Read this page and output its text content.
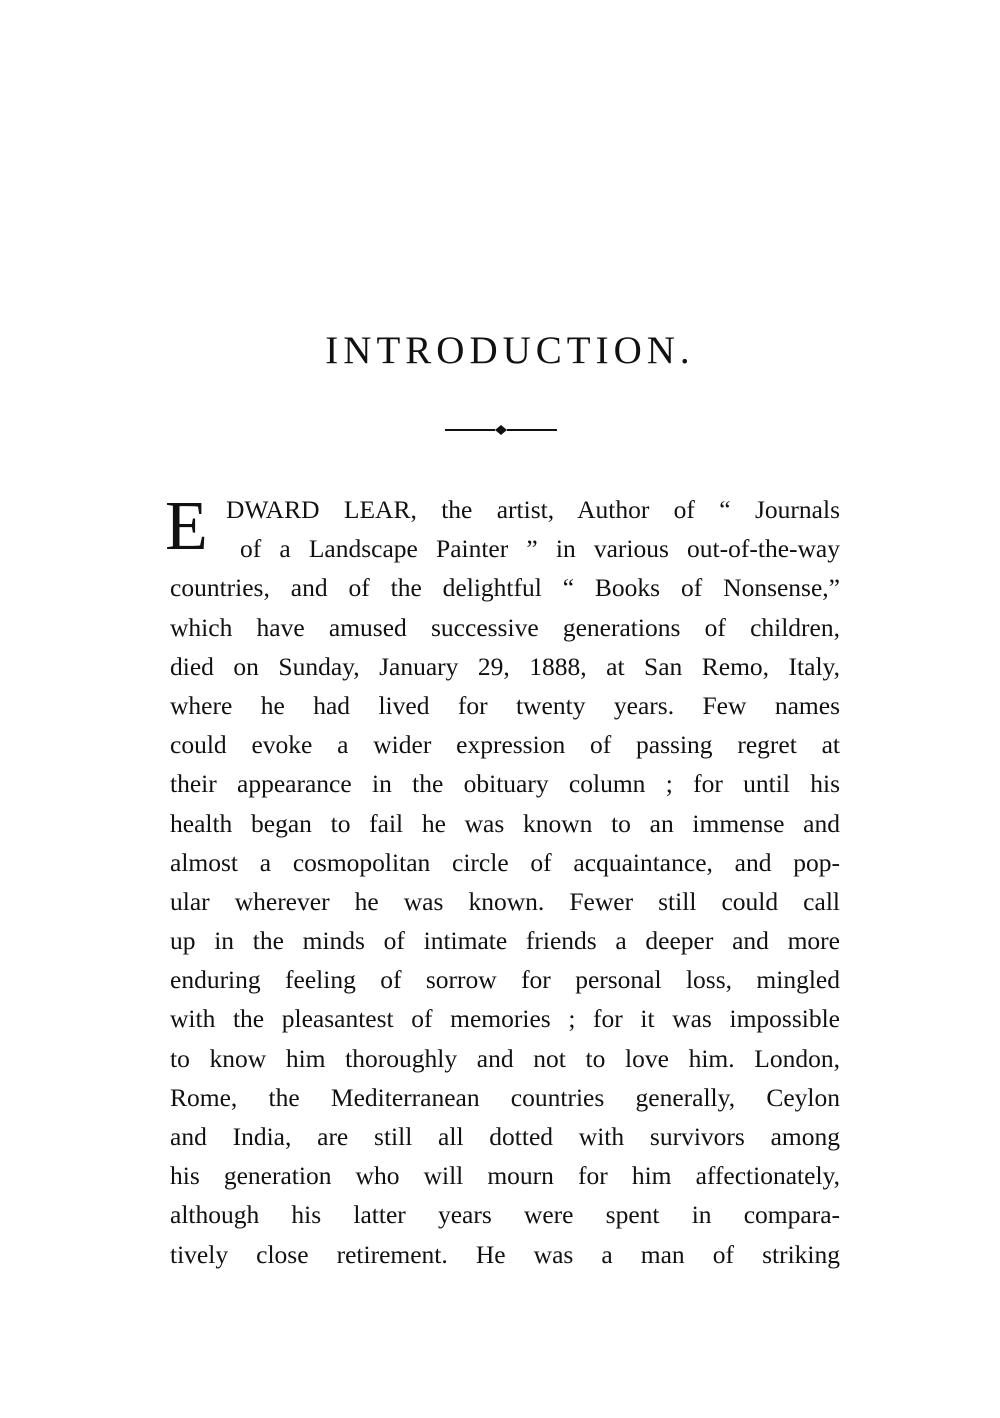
INTRODUCTION.
E DWARD LEAR, the artist, Author of “ Journals
of a Landscape Painter ” in various out-of-the-way
countries, and of the delightful “ Books of Nonsense,”
which have amused successive generations of children,
died on Sunday, January 29, 1888, at San Remo, Italy,
where he had lived for twenty years. Few names
could evoke a wider expression of passing regret at
their appearance in the obituary column ; for until his
health began to fail he was known to an immense and
almost a cosmopolitan circle of acquaintance, and pop-
ular wherever he was known. Fewer still could call
up in the minds of intimate friends a deeper and more
enduring feeling of sorrow for personal loss, mingled
with the pleasantest of memories ; for it was impossible
to know him thoroughly and not to love him. London,
Rome, the Mediterranean countries generally, Ceylon
and India, are still all dotted with survivors among
his generation who will mourn for him affectionately,
although his latter years were spent in compara-
tively close retirement. He was a man of striking
